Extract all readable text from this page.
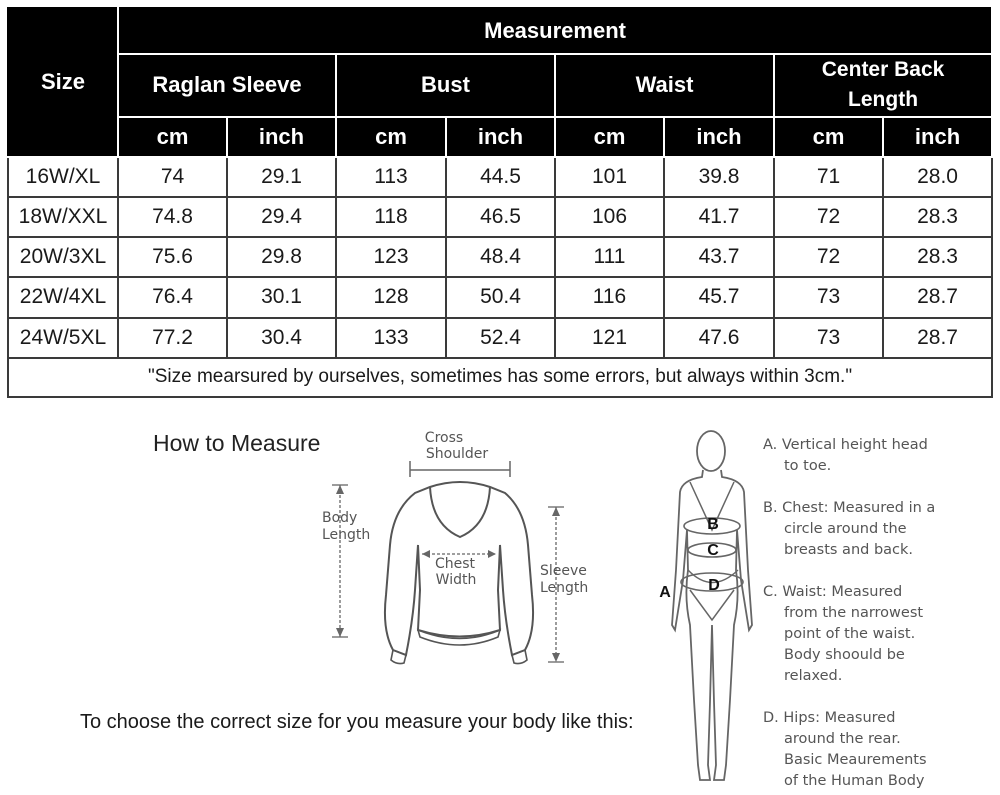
Size	Measurement							
	Raglan Sleeve		Bust		Waist		Center Back
Length	
	cm	inch	cm	inch	cm	inch	cm	inch
16W/XL	74	29.1	113	44.5	101	39.8	71	28.0
18W/XXL	74.8	29.4	118	46.5	106	41.7	72	28.3
20W/3XL	75.6	29.8	123	48.4	111	43.7	72	28.3
22W/4XL	76.4	30.1	128	50.4	116	45.7	73	28.7
24W/5XL	77.2	30.4	133	52.4	121	47.6	73	28.7
"Size mearsured by ourselves, sometimes has some errors, but always within 3cm."								
How to Measure	Cross
Shoulder
Chest
Width
Body
Length
Sleeve
Length
B
C
D
A
A. Vertical height head
to toe.
B. Chest: Measured in a
circle around the
breasts and back.
C. Waist: Measured
from the narrowest
point of the waist.
Body shoould be
relaxed.
D. Hips: Measured
around the rear.
Basic Meaurements
of the Human Body
To choose the correct size for you measure your body like this:
